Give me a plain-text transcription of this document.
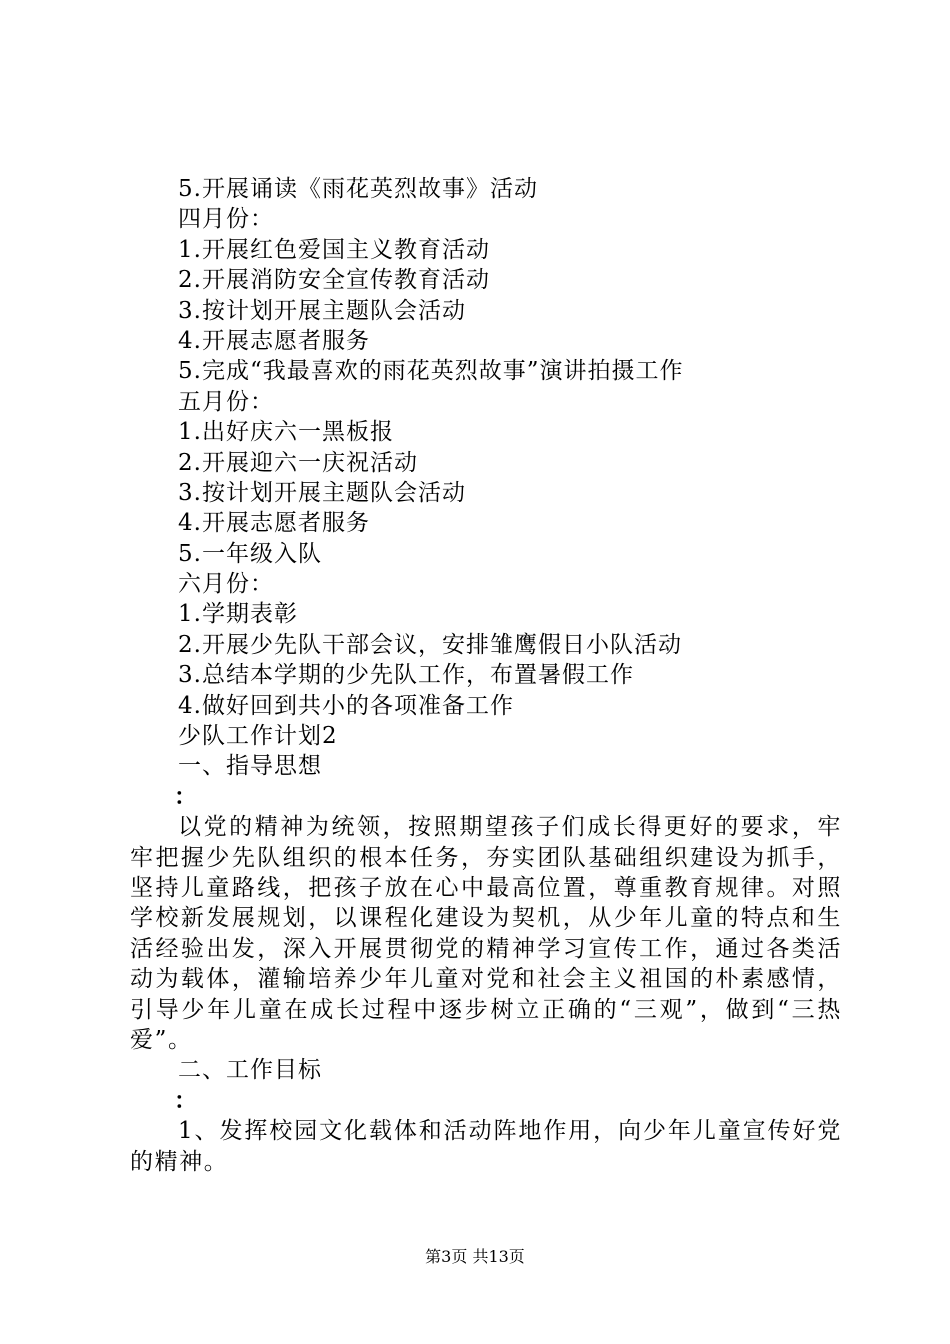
5.开展诵读《雨花英烈故事》活动
四月份：
1.开展红色爱国主义教育活动
2.开展消防安全宣传教育活动
3.按计划开展主题队会活动
4.开展志愿者服务
5.完成“我最喜欢的雨花英烈故事”演讲拍摄工作
五月份：
1.出好庆六一黑板报
2.开展迎六一庆祝活动
3.按计划开展主题队会活动
4.开展志愿者服务
5.一年级入队
六月份：
1.学期表彰
2.开展少先队干部会议，安排雏鹰假日小队活动
3.总结本学期的少先队工作，布置暑假工作
4.做好回到共小的各项准备工作
少队工作计划2
一、指导思想
：

以党的精神为统领，按照期望孩子们成长得更好的要求，牢牢把握少先队组织的根本任务，夯实团队基础组织建设为抓手，坚持儿童路线，把孩子放在心中最高位置，尊重教育规律。对照学校新发展规划，以课程化建设为契机，从少年儿童的特点和生活经验出发，深入开展贯彻党的精神学习宣传工作，通过各类活动为载体，灌输培养少年儿童对党和社会主义祖国的朴素感情，引导少年儿童在成长过程中逐步树立正确的“三观”，做到“三热爱”。

二、工作目标
：

1、发挥校园文化载体和活动阵地作用，向少年儿童宣传好党的精神。

第3页 共13页
